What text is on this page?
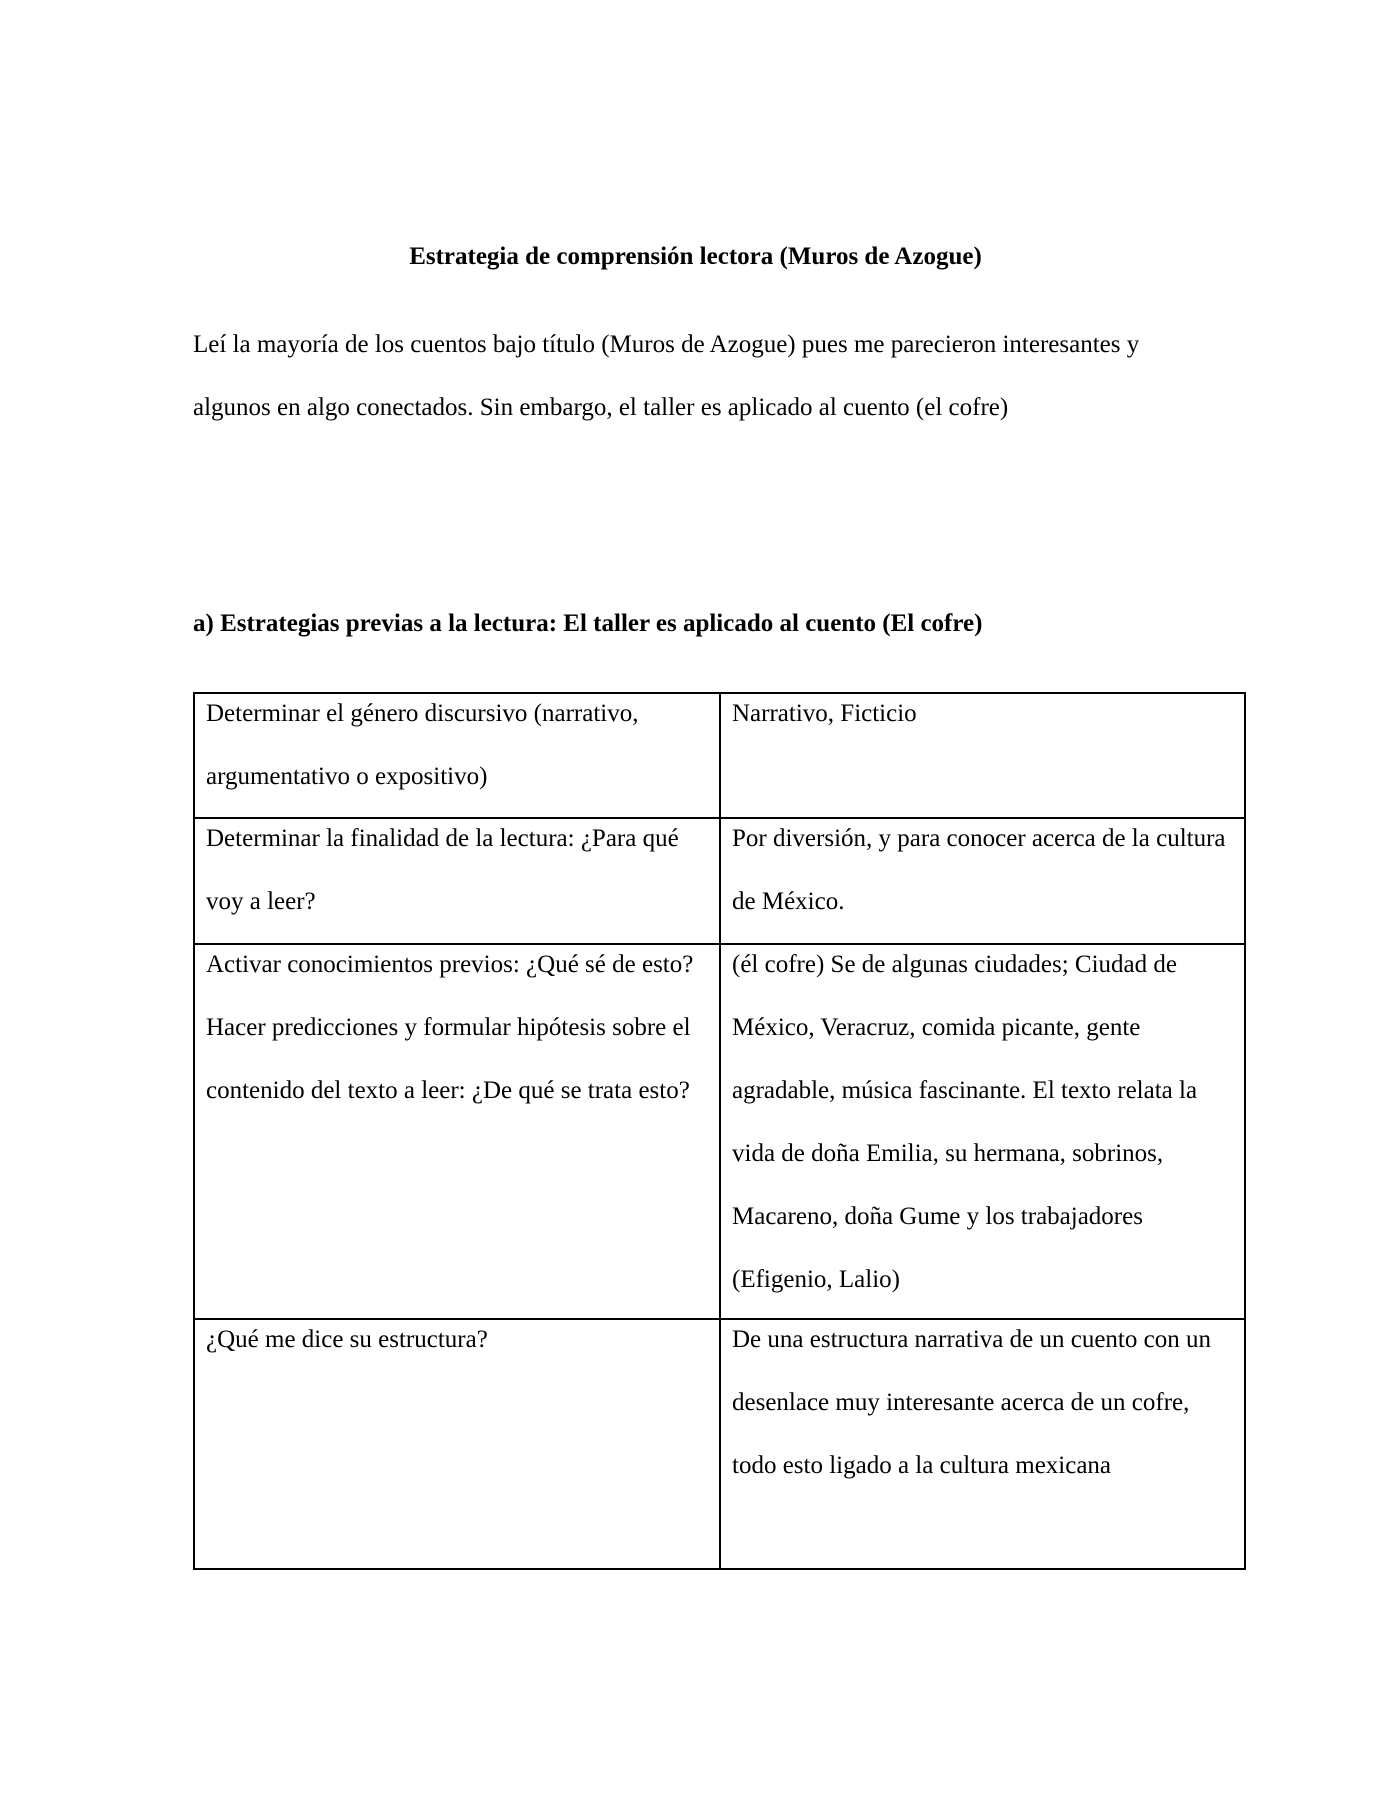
Estrategia de comprensión lectora (Muros de Azogue)

Leí la mayoría de los cuentos bajo título (Muros de Azogue) pues me parecieron interesantes y algunos en algo conectados. Sin embargo, el taller es aplicado al cuento (el cofre)

a) Estrategias previas a la lectura: El taller es aplicado al cuento (El cofre)
Determinar el género discursivo (narrativo, argumentativo o expositivo)	Narrativo, Ficticio

Determinar la finalidad de la lectura: ¿Para qué voy a leer?	Por diversión, y para conocer acerca de la cultura de México.

Activar conocimientos previos: ¿Qué sé de esto? Hacer predicciones y formular hipótesis sobre el contenido del texto a leer: ¿De qué se trata esto?	(él cofre) Se de algunas ciudades; Ciudad de México, Veracruz, comida picante, gente agradable, música fascinante. El texto relata la vida de doña Emilia, su hermana, sobrinos, Macareno, doña Gume y los trabajadores (Efigenio, Lalio)

¿Qué me dice su estructura?	De una estructura narrativa de un cuento con un desenlace muy interesante acerca de un cofre, todo esto ligado a la cultura mexicana
